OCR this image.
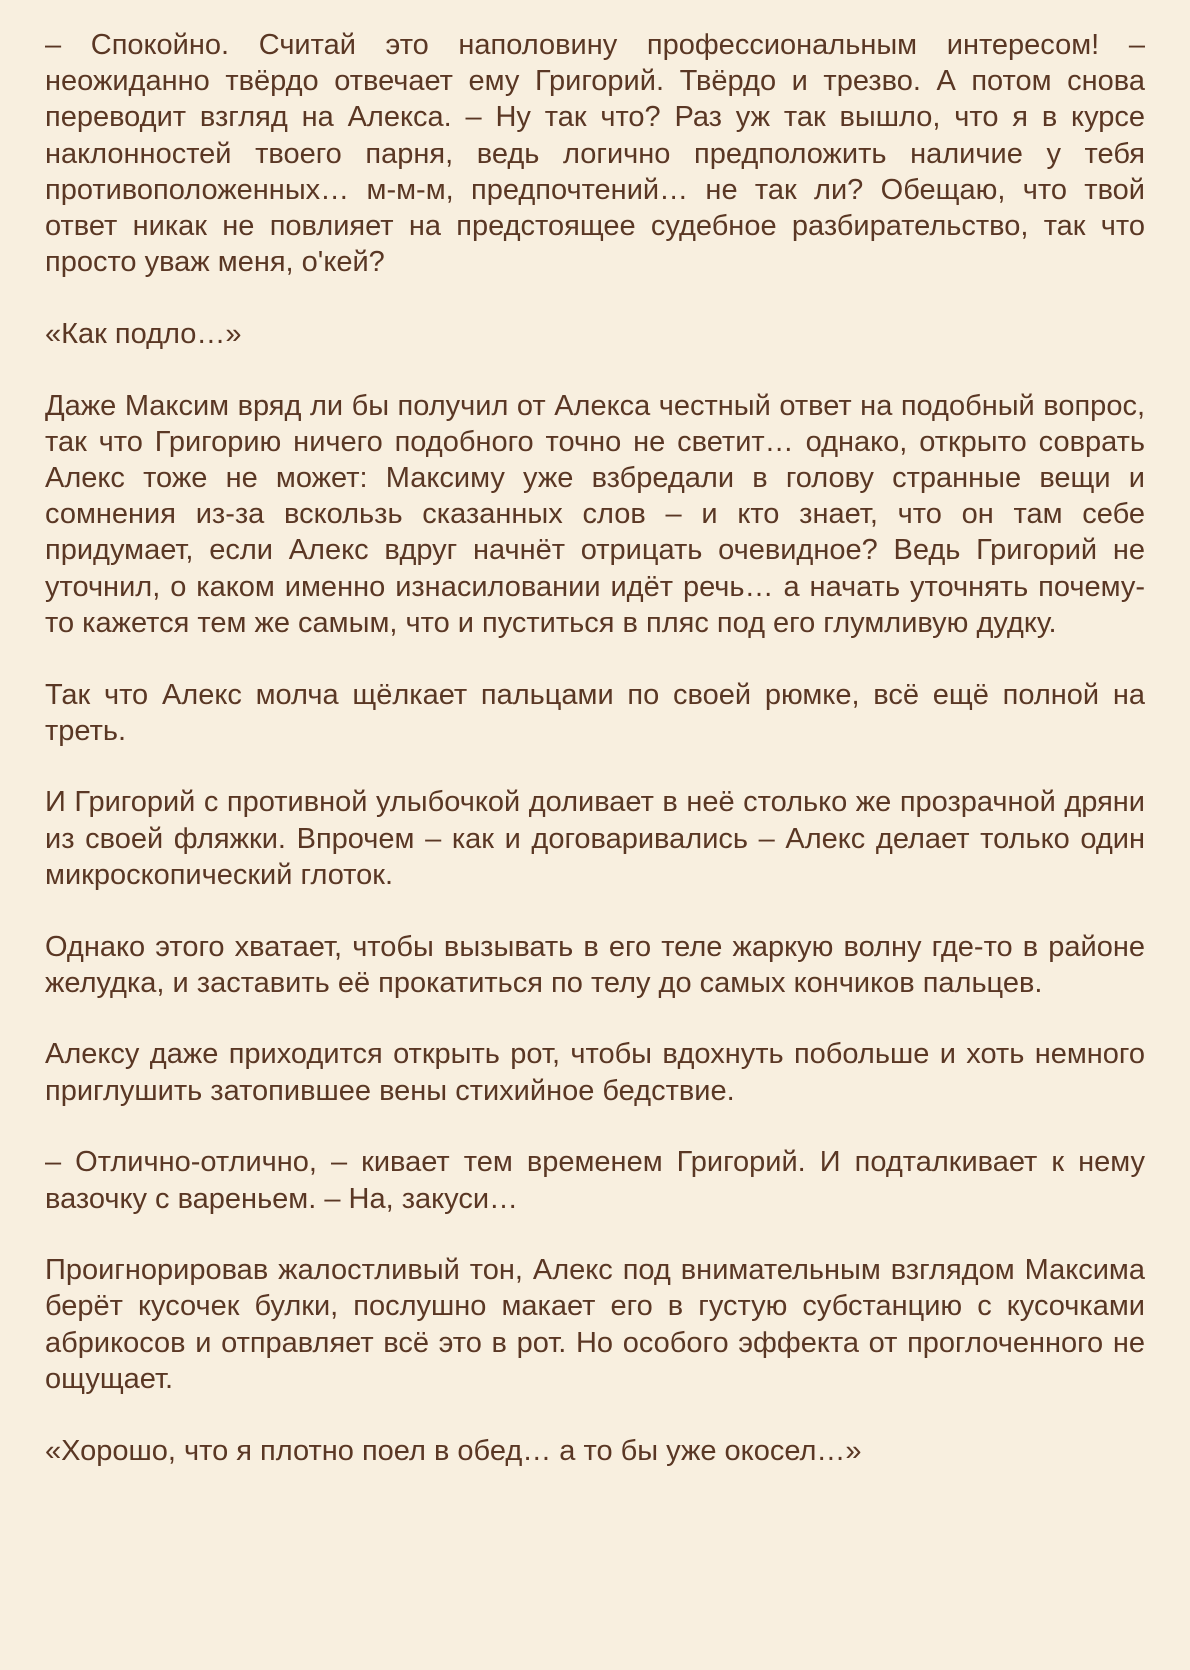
– Спокойно. Считай это наполовину профессиональным интересом! – неожиданно твёрдо отвечает ему Григорий. Твёрдо и трезво. А потом снова переводит взгляд на Алекса. – Ну так что? Раз уж так вышло, что я в курсе наклонностей твоего парня, ведь логично предположить наличие у тебя противоположенных… м-м-м, предпочтений… не так ли? Обещаю, что твой ответ никак не повлияет на предстоящее судебное разбирательство, так что просто уваж меня, о'кей?

«Как подло…»

Даже Максим вряд ли бы получил от Алекса честный ответ на подобный вопрос, так что Григорию ничего подобного точно не светит… однако, открыто соврать Алекс тоже не может: Максиму уже взбредали в голову странные вещи и сомнения из-за вскользь сказанных слов – и кто знает, что он там себе придумает, если Алекс вдруг начнёт отрицать очевидное? Ведь Григорий не уточнил, о каком именно изнасиловании идёт речь… а начать уточнять почему-то кажется тем же самым, что и пуститься в пляс под его глумливую дудку.

Так что Алекс молча щёлкает пальцами по своей рюмке, всё ещё полной на треть.

И Григорий с противной улыбочкой доливает в неё столько же прозрачной дряни из своей фляжки. Впрочем – как и договаривались – Алекс делает только один микроскопический глоток.

Однако этого хватает, чтобы вызывать в его теле жаркую волну где-то в районе желудка, и заставить её прокатиться по телу до самых кончиков пальцев.

Алексу даже приходится открыть рот, чтобы вдохнуть побольше и хоть немного приглушить затопившее вены стихийное бедствие.

– Отлично-отлично, – кивает тем временем Григорий. И подталкивает к нему вазочку с вареньем. – На, закуси…

Проигнорировав жалостливый тон, Алекс под внимательным взглядом Максима берёт кусочек булки, послушно макает его в густую субстанцию с кусочками абрикосов и отправляет всё это в рот. Но особого эффекта от проглоченного не ощущает.

«Хорошо, что я плотно поел в обед… а то бы уже окосел…»
